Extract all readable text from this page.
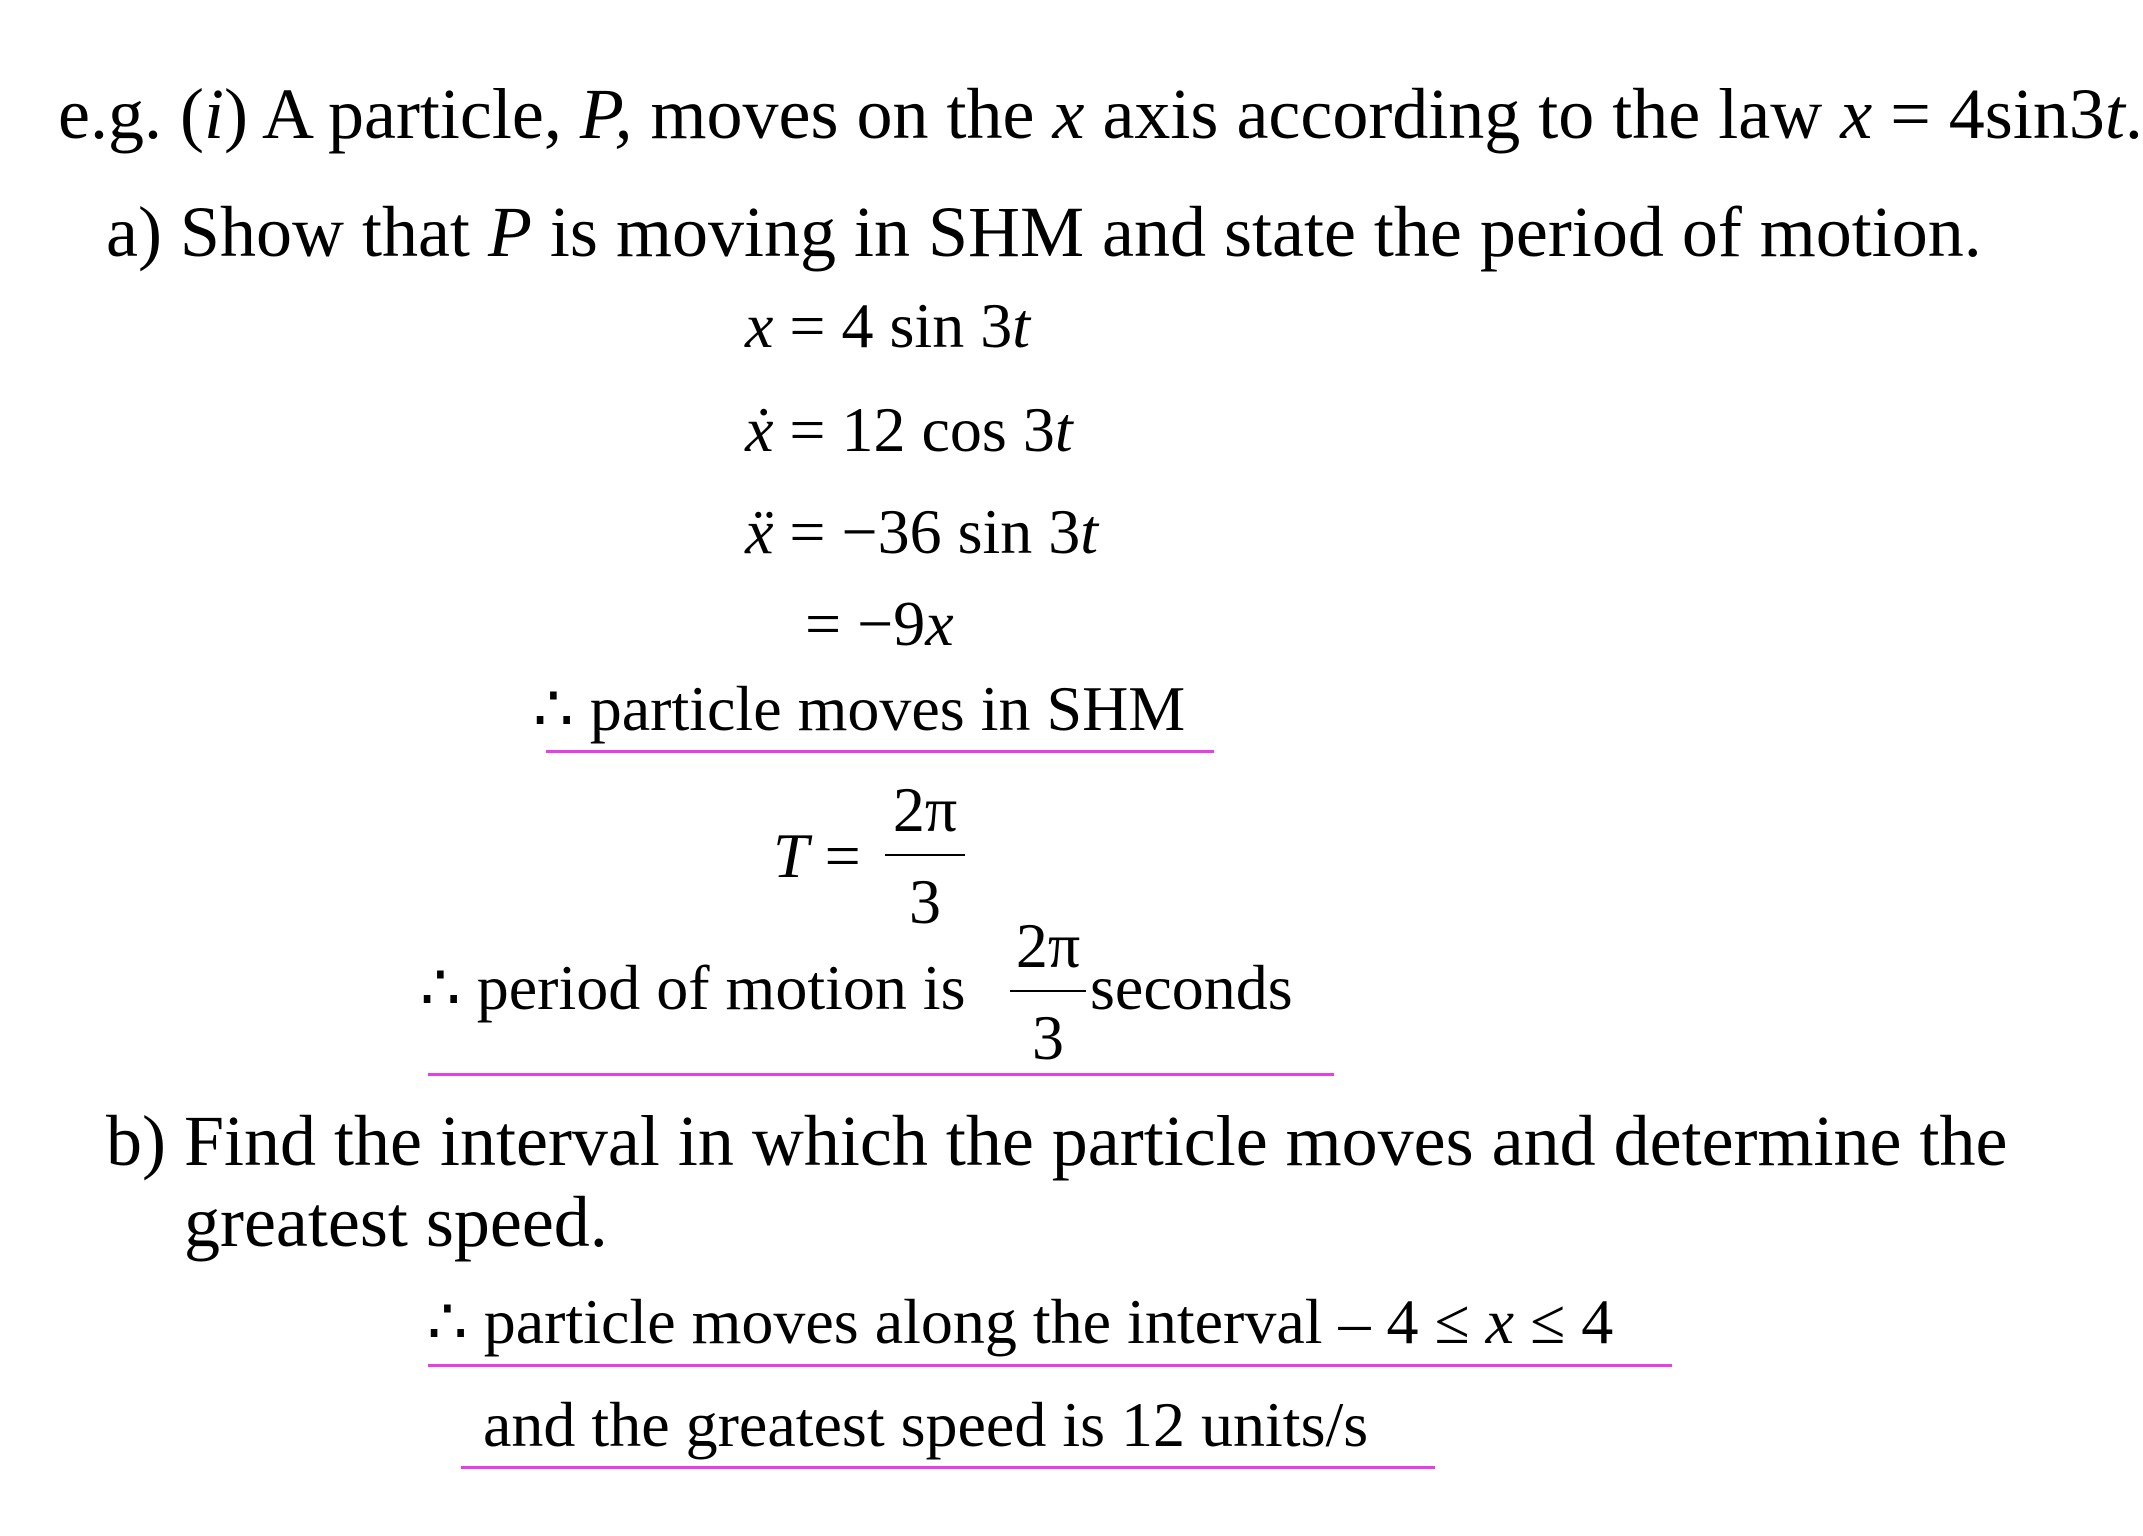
e.g. (i) A particle, P, moves on the x axis according to the law x = 4sin3t.
a) Show that P is moving in SHM and state the period of motion.
x = 4 sin 3t
ẋ = 12 cos 3t
ẍ = −36 sin 3t
= −9x
∴ particle moves in SHM
T =
2π
3
∴ period of motion is
2π
3
seconds
b) Find the interval in which the particle moves and determine the
greatest speed.
∴ particle moves along the interval – 4 ≤ x ≤ 4
and the greatest speed is 12 units/s
